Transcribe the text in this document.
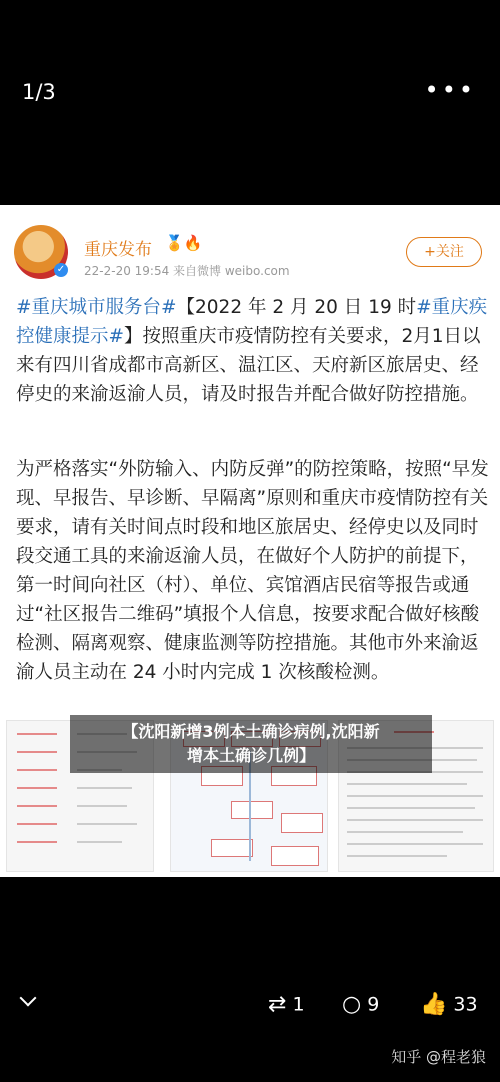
1/3	•••
✓
重庆发布 🏅🔥
22-2-20 19:54 来自微博 weibo.com
+关注
#重庆城市服务台#【2022 年 2 月 20 日 19 时#重庆疾控健康提示#】按照重庆市疫情防控有关要求，2月1日以来有四川省成都市高新区、温江区、天府新区旅居史、经停史的来渝返渝人员，请及时报告并配合做好防控措施。
为严格落实“外防输入、内防反弹”的防控策略，按照“早发现、早报告、早诊断、早隔离”原则和重庆市疫情防控有关要求，请有关时间点时段和地区旅居史、经停史以及同时段交通工具的来渝返渝人员，在做好个人防护的前提下，第一时间向社区（村）、单位、宾馆酒店民宿等报告或通过“社区报告二维码”填报个人信息，按要求配合做好核酸检测、隔离观察、健康监测等防控措施。其他市外来渝返渝人员主动在 24 小时内完成 1 次核酸检测。
【沈阳新增3例本土确诊病例,沈阳新
增本土确诊几例】
⇄ 1 ○ 9 👍 33
知乎 @程老狼
